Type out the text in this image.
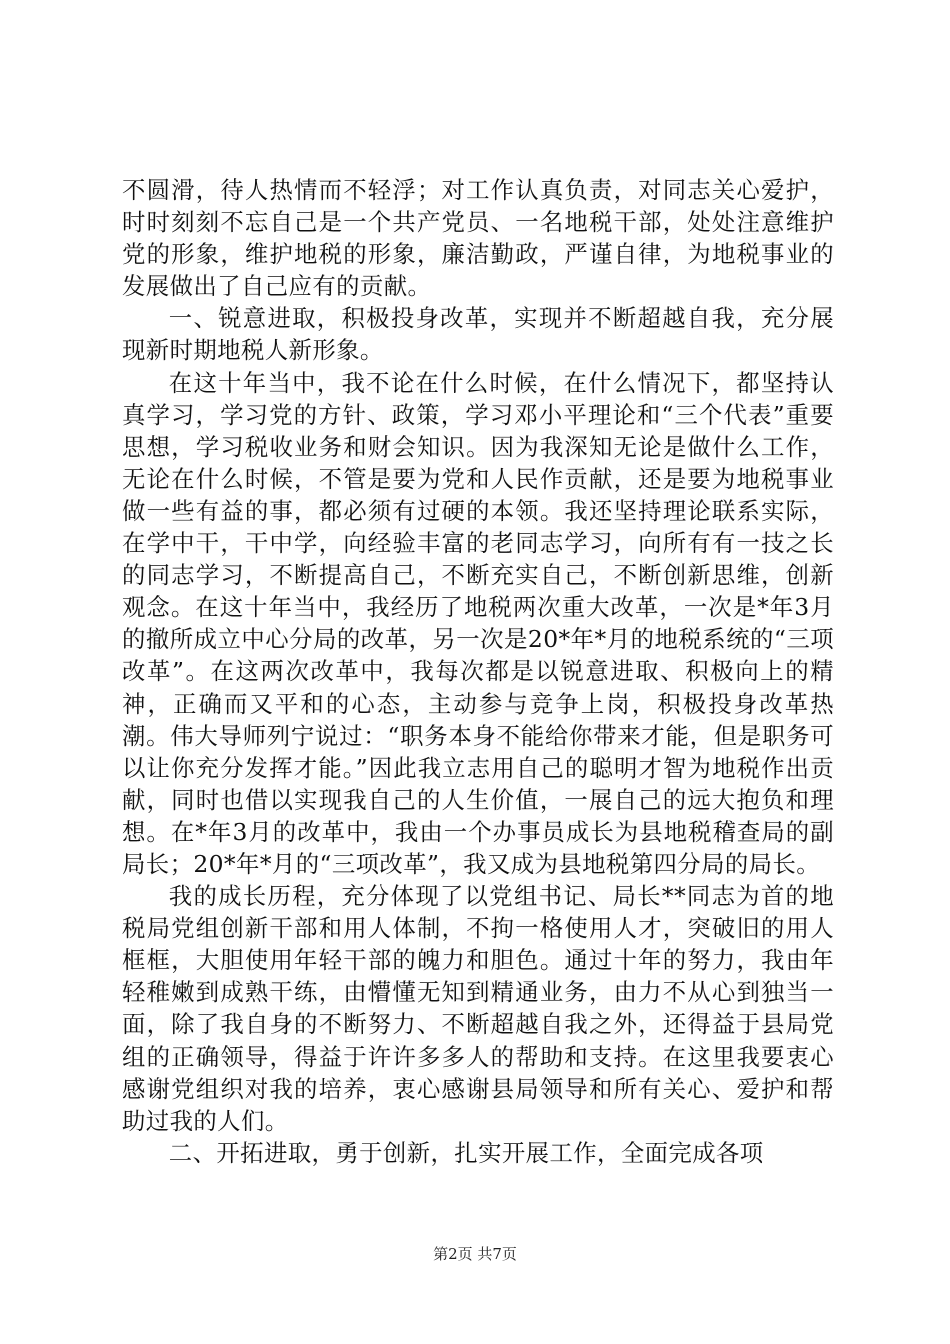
不圆滑，待人热情而不轻浮；对工作认真负责，对同志关心爱护，时时刻刻不忘自己是一个共产党员、一名地税干部，处处注意维护党的形象，维护地税的形象，廉洁勤政，严谨自律，为地税事业的发展做出了自己应有的贡献。

一、锐意进取，积极投身改革，实现并不断超越自我，充分展现新时期地税人新形象。

在这十年当中，我不论在什么时候，在什么情况下，都坚持认真学习，学习党的方针、政策，学习邓小平理论和“三个代表”重要思想，学习税收业务和财会知识。因为我深知无论是做什么工作，无论在什么时候，不管是要为党和人民作贡献，还是要为地税事业做一些有益的事，都必须有过硬的本领。我还坚持理论联系实际，在学中干，干中学，向经验丰富的老同志学习，向所有有一技之长的同志学习，不断提高自己，不断充实自己，不断创新思维，创新观念。在这十年当中，我经历了地税两次重大改革，一次是*年3月的撤所成立中心分局的改革，另一次是20*年*月的地税系统的“三项改革”。在这两次改革中，我每次都是以锐意进取、积极向上的精神，正确而又平和的心态，主动参与竞争上岗，积极投身改革热潮。伟大导师列宁说过：“职务本身不能给你带来才能，但是职务可以让你充分发挥才能。”因此我立志用自己的聪明才智为地税作出贡献，同时也借以实现我自己的人生价值，一展自己的远大抱负和理想。在*年3月的改革中，我由一个办事员成长为县地税稽查局的副局长；20*年*月的“三项改革”，我又成为县地税第四分局的局长。

我的成长历程，充分体现了以党组书记、局长**同志为首的地税局党组创新干部和用人体制，不拘一格使用人才，突破旧的用人框框，大胆使用年轻干部的魄力和胆色。通过十年的努力，我由年轻稚嫩到成熟干练，由懵懂无知到精通业务，由力不从心到独当一面，除了我自身的不断努力、不断超越自我之外，还得益于县局党组的正确领导，得益于许许多多人的帮助和支持。在这里我要衷心感谢党组织对我的培养，衷心感谢县局领导和所有关心、爱护和帮助过我的人们。

二、开拓进取，勇于创新，扎实开展工作，全面完成各项

第2页 共7页
